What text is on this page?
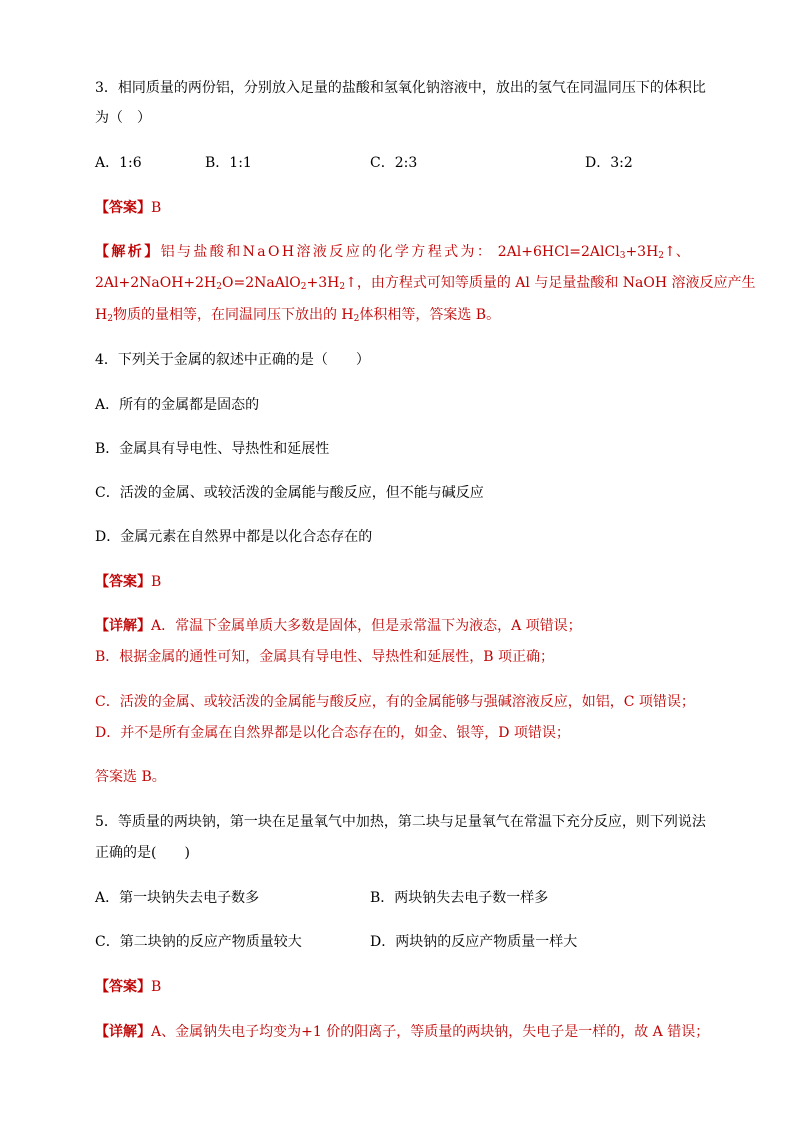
3．相同质量的两份铝，分别放入足量的盐酸和氢氧化钠溶液中，放出的氢气在同温同压下的体积比
为（　）
A．1:6	B．1:1	C．2:3	D．3:2
【答案】B
【解析】铝与盐酸和NaOH溶液反应的化学方程式为： $2Al+6HCl=2AlCl_3+3H_2↑$、
$2Al+2NaOH+2H_2O=2NaAlO_2+3H_2↑$，由方程式可知等质量的 Al 与足量盐酸和 NaOH 溶液反应产生
$H_2$物质的量相等，在同温同压下放出的 $H_2$体积相等，答案选 B。
4．下列关于金属的叙述中正确的是（　　）
A．所有的金属都是固态的
B．金属具有导电性、导热性和延展性
C．活泼的金属、或较活泼的金属能与酸反应，但不能与碱反应
D．金属元素在自然界中都是以化合态存在的
【答案】B
【详解】A．常温下金属单质大多数是固体，但是汞常温下为液态，A 项错误；
B．根据金属的通性可知，金属具有导电性、导热性和延展性，B 项正确；
C．活泼的金属、或较活泼的金属能与酸反应，有的金属能够与强碱溶液反应，如铝，C 项错误；
D．并不是所有金属在自然界都是以化合态存在的，如金、银等，D 项错误；
答案选 B。
5．等质量的两块钠，第一块在足量氧气中加热，第二块与足量氧气在常温下充分反应，则下列说法
正确的是(　　)
A．第一块钠失去电子数多	B．两块钠失去电子数一样多
C．第二块钠的反应产物质量较大	D．两块钠的反应产物质量一样大
【答案】B
【详解】A、金属钠失电子均变为+1 价的阳离子，等质量的两块钠，失电子是一样的，故 A 错误；
